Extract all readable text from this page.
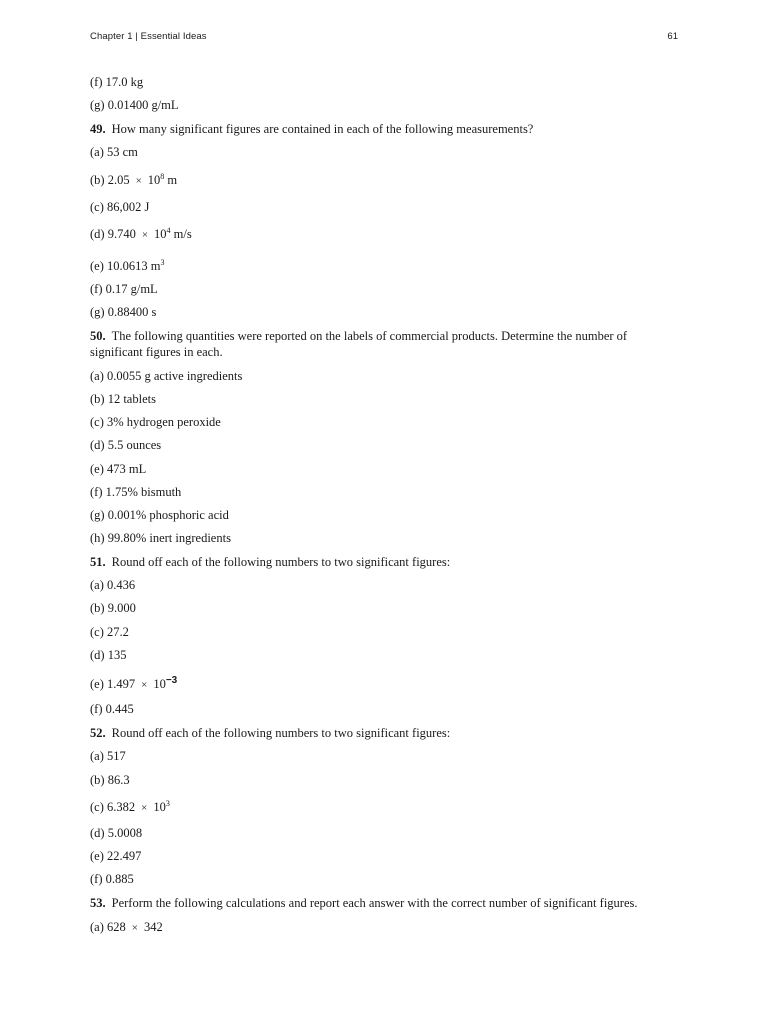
Chapter 1 | Essential Ideas	61
(f) 17.0 kg
(g) 0.01400 g/mL
49. How many significant figures are contained in each of the following measurements?
(a) 53 cm
(b) $2.05 \times 10^8$ m
(c) 86,002 J
(d) $9.740 \times 10^4$ m/s
(e) 10.0613 $m^3$
(f) 0.17 g/mL
(g) 0.88400 s
50. The following quantities were reported on the labels of commercial products. Determine the number of significant figures in each.
(a) 0.0055 g active ingredients
(b) 12 tablets
(c) 3% hydrogen peroxide
(d) 5.5 ounces
(e) 473 mL
(f) 1.75% bismuth
(g) 0.001% phosphoric acid
(h) 99.80% inert ingredients
51. Round off each of the following numbers to two significant figures:
(a) 0.436
(b) 9.000
(c) 27.2
(d) 135
(e) $1.497 \times 10^{-3}$
(f) 0.445
52. Round off each of the following numbers to two significant figures:
(a) 517
(b) 86.3
(c) $6.382 \times 10^3$
(d) 5.0008
(e) 22.497
(f) 0.885
53. Perform the following calculations and report each answer with the correct number of significant figures.
(a) 628 × 342
